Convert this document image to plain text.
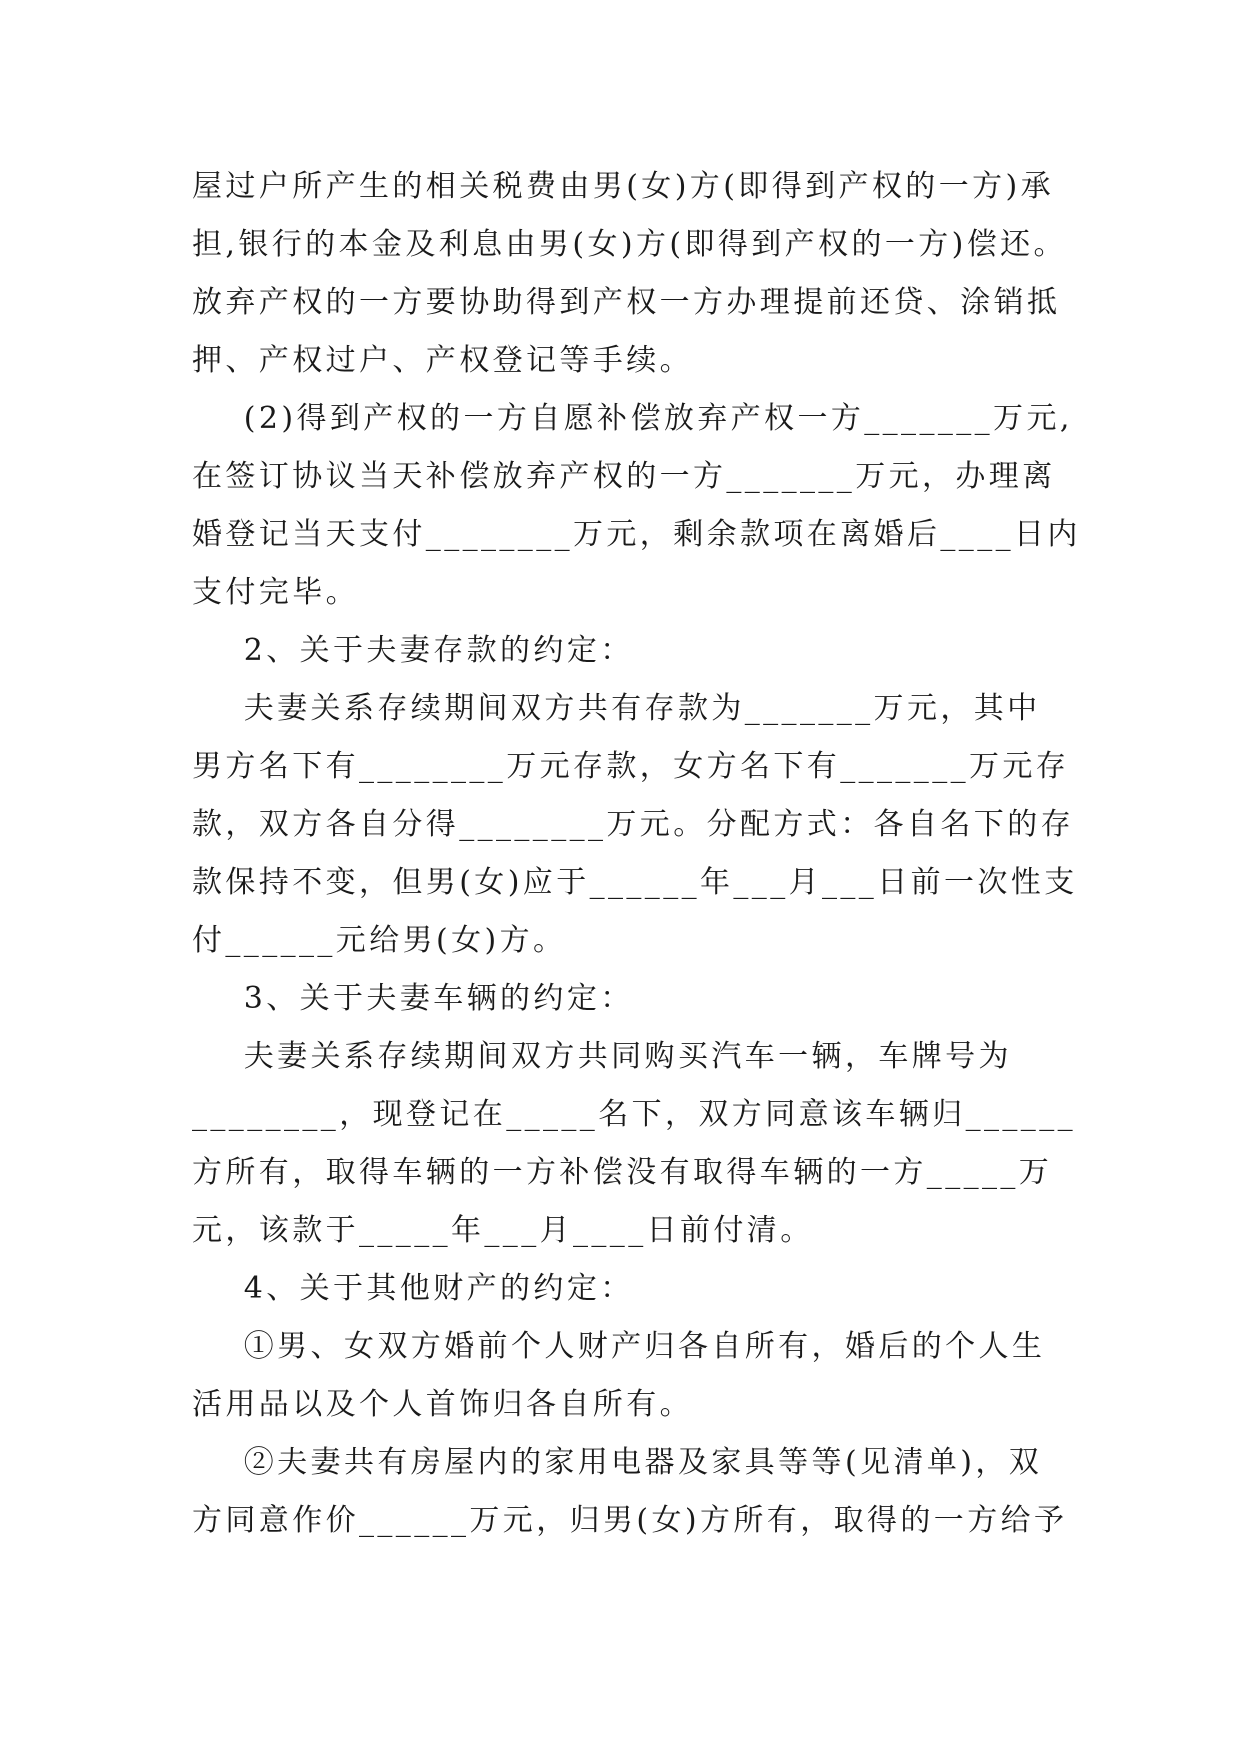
屋过户所产生的相关税费由男(女)方(即得到产权的一方)承
担,银行的本金及利息由男(女)方(即得到产权的一方)偿还。
放弃产权的一方要协助得到产权一方办理提前还贷、涂销抵
押、产权过户、产权登记等手续。
(2)得到产权的一方自愿补偿放弃产权一方_______万元,
在签订协议当天补偿放弃产权的一方_______万元，办理离
婚登记当天支付________万元，剩余款项在离婚后____日内
支付完毕。
2、关于夫妻存款的约定：
夫妻关系存续期间双方共有存款为_______万元，其中
男方名下有________万元存款，女方名下有_______万元存
款，双方各自分得________万元。分配方式：各自名下的存
款保持不变，但男(女)应于______年___月___日前一次性支
付______元给男(女)方。
3、关于夫妻车辆的约定：
夫妻关系存续期间双方共同购买汽车一辆，车牌号为
________，现登记在_____名下，双方同意该车辆归______
方所有，取得车辆的一方补偿没有取得车辆的一方_____万
元，该款于_____年___月____日前付清。
4、关于其他财产的约定：
①男、女双方婚前个人财产归各自所有，婚后的个人生
活用品以及个人首饰归各自所有。
②夫妻共有房屋内的家用电器及家具等等(见清单)，双
方同意作价______万元，归男(女)方所有，取得的一方给予
